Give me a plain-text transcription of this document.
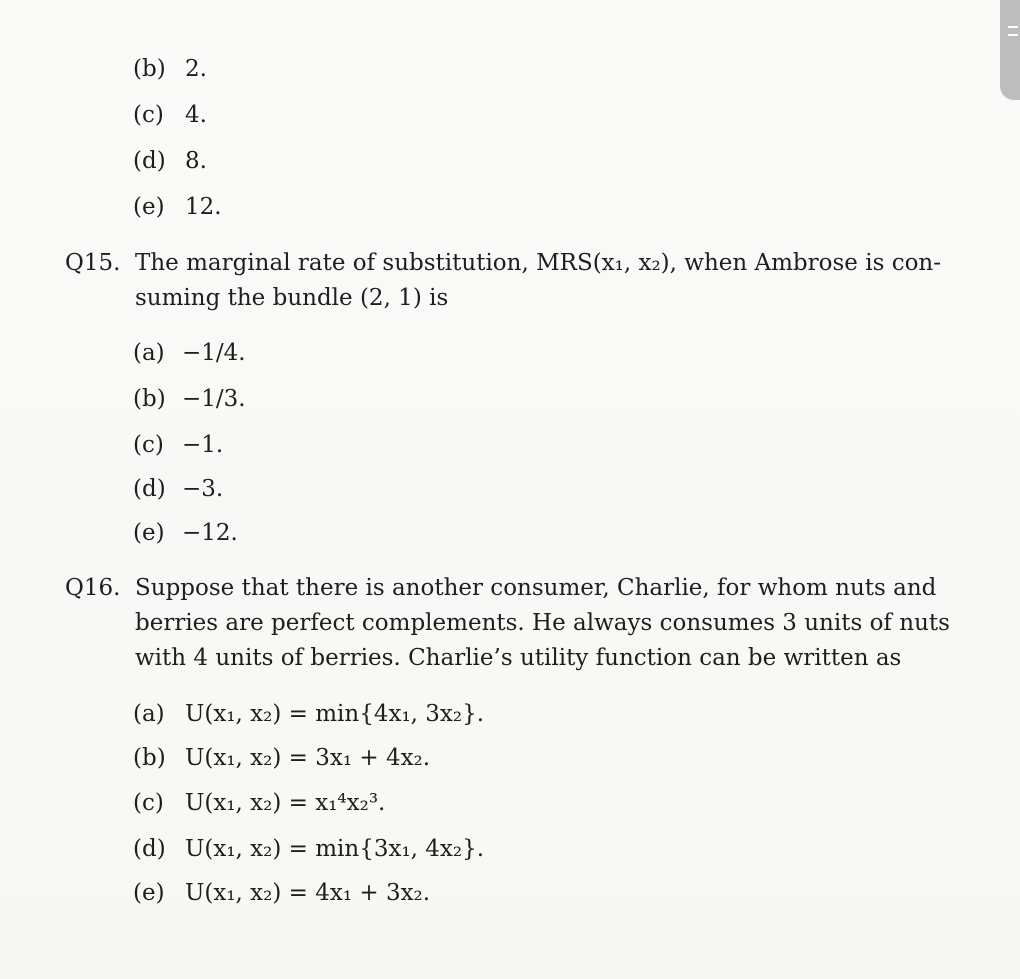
(b) 2.
(c) 4.
(d) 8.
(e) 12.
Q15. The marginal rate of substitution, MRS(x₁, x₂), when Ambrose is con-
suming the bundle (2, 1) is
(a) −1/4.
(b) −1/3.
(c) −1.
(d) −3.
(e) −12.
Q16. Suppose that there is another consumer, Charlie, for whom nuts and
berries are perfect complements. He always consumes 3 units of nuts
with 4 units of berries. Charlie’s utility function can be written as
(a) U(x₁, x₂) = min{4x₁, 3x₂}.
(b) U(x₁, x₂) = 3x₁ + 4x₂.
(c) U(x₁, x₂) = x₁⁴x₂³.
(d) U(x₁, x₂) = min{3x₁, 4x₂}.
(e) U(x₁, x₂) = 4x₁ + 3x₂.
